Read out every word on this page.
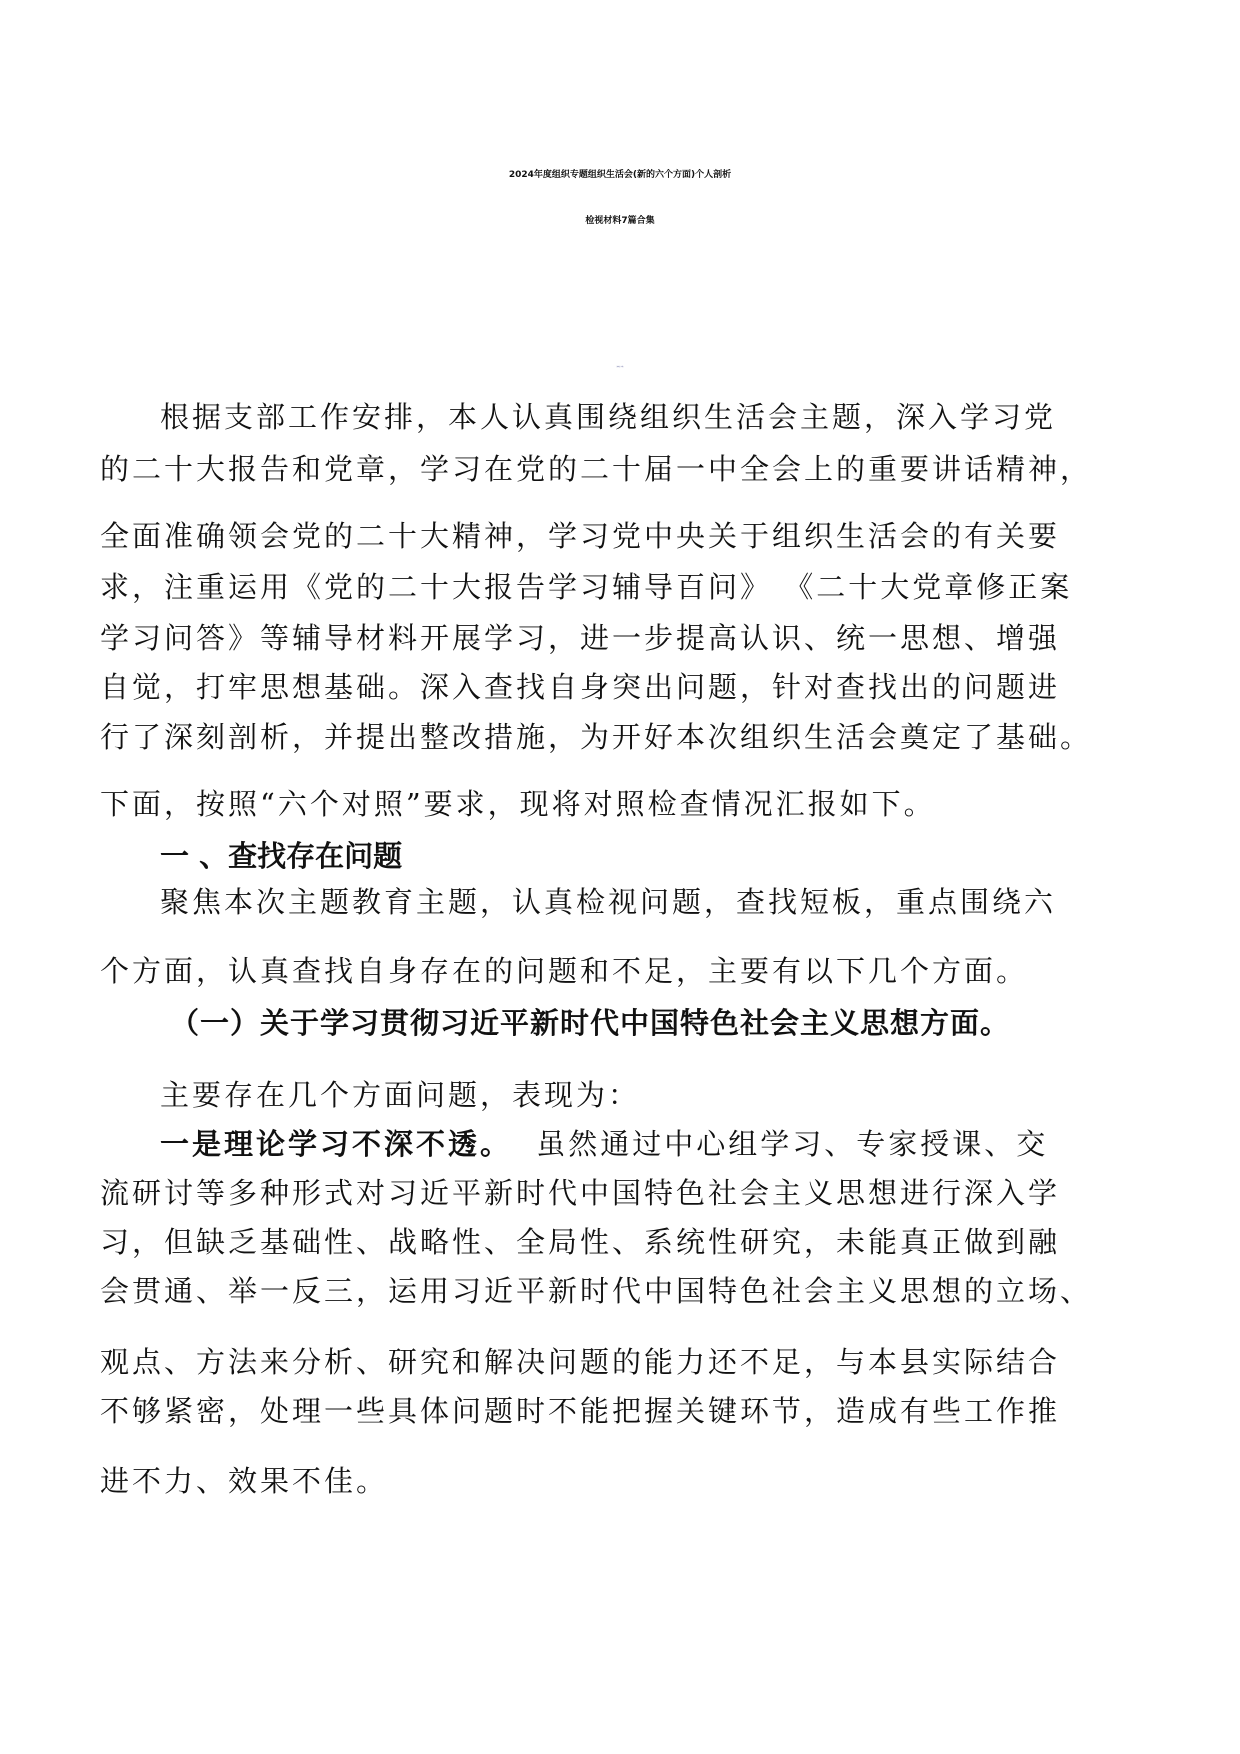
2024年度组织专题组织生活会(新的六个方面)个人剖析
检视材料7篇合集
第1篇，共7篇
根据支部工作安排，本人认真围绕组织生活会主题，深入学习党
的二十大报告和党章，学习在党的二十届一中全会上的重要讲话精神，
全面准确领会党的二十大精神，学习党中央关于组织生活会的有关要
求，注重运用《党的二十大报告学习辅导百问》 《二十大党章修正案
学习问答》等辅导材料开展学习，进一步提高认识、统一思想、增强
自觉，打牢思想基础。深入查找自身突出问题，针对查找出的问题进
行了深刻剖析，并提出整改措施，为开好本次组织生活会奠定了基础。
下面，按照“六个对照”要求，现将对照检查情况汇报如下。
一 、查找存在问题
聚焦本次主题教育主题，认真检视问题，查找短板，重点围绕六
个方面，认真查找自身存在的问题和不足，主要有以下几个方面。
（一）关于学习贯彻习近平新时代中国特色社会主义思想方面。
主要存在几个方面问题，表现为：
一是理论学习不深不透。 虽然通过中心组学习、专家授课、交
流研讨等多种形式对习近平新时代中国特色社会主义思想进行深入学
习，但缺乏基础性、战略性、全局性、系统性研究，未能真正做到融
会贯通、举一反三，运用习近平新时代中国特色社会主义思想的立场、
观点、方法来分析、研究和解决问题的能力还不足，与本县实际结合
不够紧密，处理一些具体问题时不能把握关键环节，造成有些工作推
进不力、效果不佳。
